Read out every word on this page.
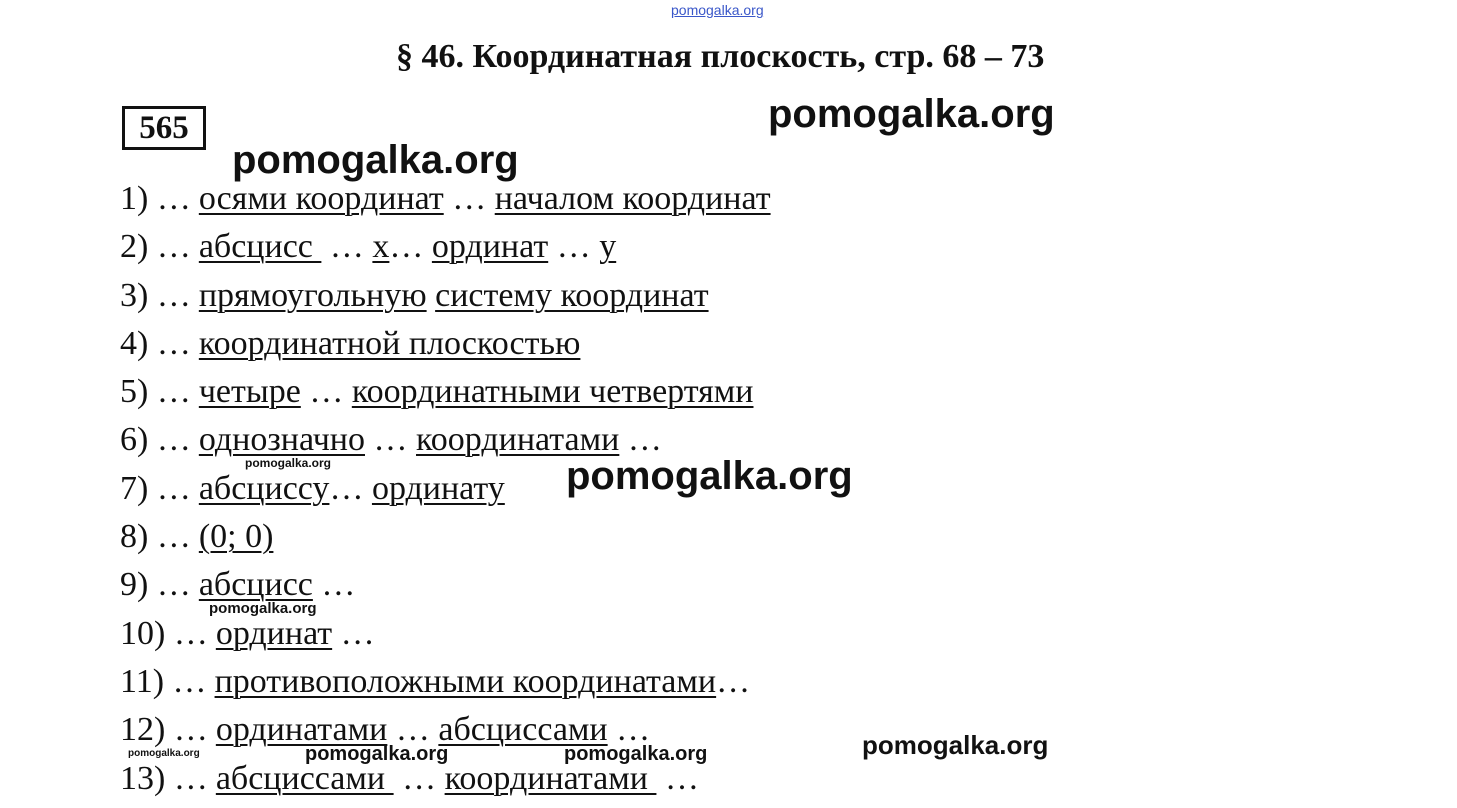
pomogalka.org
§ 46. Координатная плоскость, стр. 68 – 73
565
1) … осями координат … началом координат
2) … абсцисс  … х… ординат … у
3) … прямоугольную систему координат
4) … координатной плоскостью
5) … четыре … координатными четвертями
6) … однозначно … координатами …
7) … абсциссу… ординату
8) … (0; 0)
9) … абсцисс …
10) … ординат …
11) … противоположными координатами…
12) … ординатами … абсциссами …
13) … абсциссами  … координатами  …
pomogalka.org
pomogalka.org
pomogalka.org
pomogalka.org
pomogalka.org
pomogalka.org	pomogalka.org	pomogalka.org	pomogalka.org
